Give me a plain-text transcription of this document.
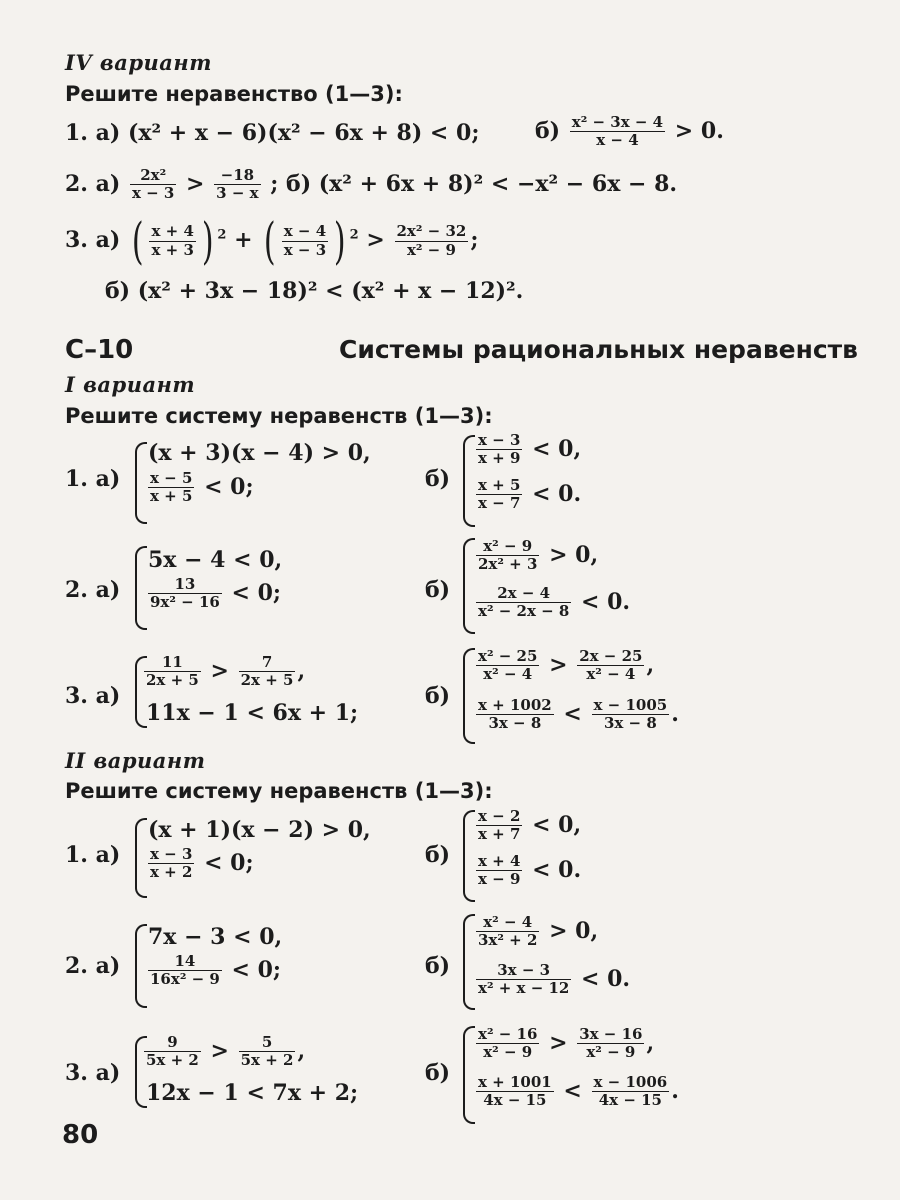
IV вариант
Решите неравенство (1—3):
1. а) (x² + x − 6)(x² − 6x + 8) < 0;	$б) \frac{\text{x² − 3x − 4}}{x - 4} > 0$.
2. $а) \frac{\text{2x²}}{x - 3} > \frac{-18}{3 - x}$ ; б) (x² + 6x + 8)² < −x² − 6x − 8.
3. а) ( $\frac{x + 4}{x + 3}$ ) $^2$ + ( $\frac{x - 4}{x - 3}$ ) $^2 > \frac{\text{2x² − 32}}{\text{x² − 9}}$ ;
б) (x² + 3x − 18)² < (x² + x − 12)².
С–10	Системы рациональных неравенств
I вариант
Решите систему неравенств (1—3):
1. а)
(x + 3)(x − 4) > 0,
$\frac{x - 5}{x + 5} < 0$;	б)
$\frac{x - 3}{x + 9} < 0$,
$\frac{x + 5}{x - 7} < 0$.
2. а)
5x − 4 < 0,
$\frac{13}{\text{9x² − 16}} < 0$;	б)
$\frac{\text{x² − 9}}{\text{2x² + 3}} > 0$,
$\frac{2x - 4}{\text{x² − 2x − 8}} < 0$.
3. а)
$\frac{11}{2x + 5} > \frac{7}{2x + 5}$ ,
11x − 1 < 6x + 1;
б)
$\frac{\text{x² − 25}}{\text{x² − 4}} > \frac{2x - 25}{\text{x² − 4}}$ ,
$\frac{x + 1002}{3x - 8} < \frac{x - 1005}{3x - 8}$ .
II вариант
Решите систему неравенств (1—3):
1. а)
(x + 1)(x − 2) > 0,
$\frac{x - 3}{x + 2} < 0$;	б)
$\frac{x - 2}{x + 7} < 0$,
$\frac{x + 4}{x - 9} < 0$.
2. а)
7x − 3 < 0,
$\frac{14}{\text{16x² − 9}} < 0$;	б)
$\frac{\text{x² − 4}}{\text{3x² + 2}} > 0$,
$\frac{3x - 3}{\text{x² + x − 12}} < 0$.
3. а)
$\frac{9}{5x + 2} > \frac{5}{5x + 2}$ ,
12x − 1 < 7x + 2;
б)
$\frac{\text{x² − 16}}{\text{x² − 9}} > \frac{3x - 16}{\text{x² − 9}}$ ,
$\frac{x + 1001}{4x - 15} < \frac{x - 1006}{4x - 15}$ .
80
